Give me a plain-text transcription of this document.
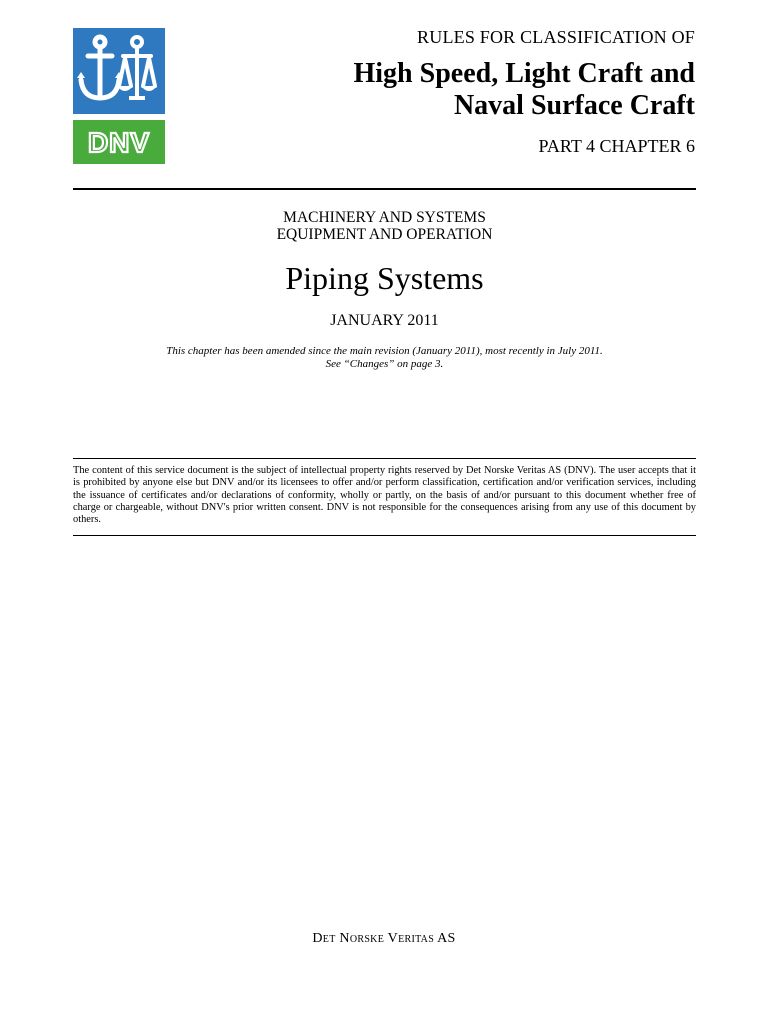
DNV
RULES FOR CLASSIFICATION OF
High Speed, Light Craft and
Naval Surface Craft
PART 4 CHAPTER 6
MACHINERY AND SYSTEMS
EQUIPMENT AND OPERATION
Piping Systems
JANUARY 2011
This chapter has been amended since the main revision (January 2011), most recently in July 2011.
See “Changes” on page 3.
The content of this service document is the subject of intellectual property rights reserved by Det Norske Veritas AS (DNV). The user accepts that it is prohibited by anyone else but DNV and/or its licensees to offer and/or perform classification, certification and/or verification services, including the issuance of certificates and/or declarations of conformity, wholly or partly, on the basis of and/or pursuant to this document whether free of charge or chargeable, without DNV's prior written consent. DNV is not responsible for the consequences arising from any use of this document by others.
Det Norske Veritas AS
